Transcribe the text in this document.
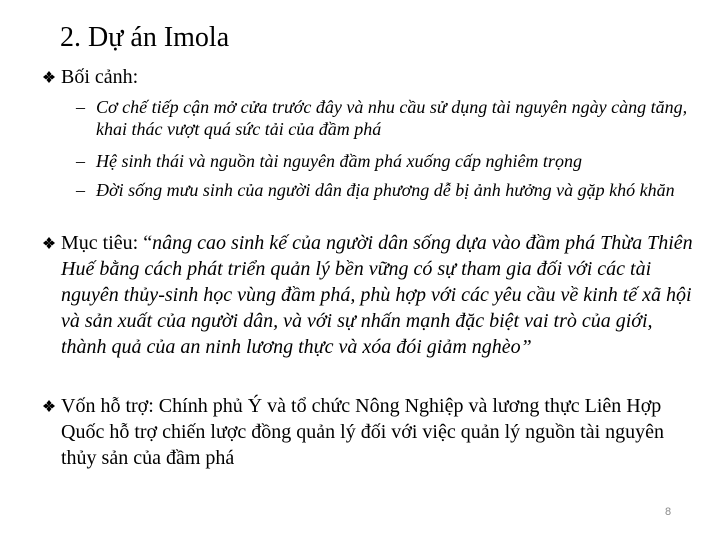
2. Dự án Imola
Bối cảnh:
– Cơ chế tiếp cận mở cửa trước đây và nhu cầu sử dụng tài nguyên ngày càng tăng, khai thác vượt quá sức tải của đầm phá
– Hệ sinh thái và nguồn tài nguyên đầm phá xuống cấp nghiêm trọng
– Đời sống mưu sinh của người dân địa phương dễ bị ảnh hưởng và gặp khó khăn
Mục tiêu: “nâng cao sinh kế của người dân sống dựa vào đầm phá Thừa Thiên Huế bằng cách phát triển quản lý bền vững có sự tham gia đối với các tài nguyên thủy-sinh học vùng đầm phá, phù hợp với các yêu cầu về kinh tế xã hội và sản xuất của người dân, và với sự nhấn mạnh đặc biệt vai trò của giới, thành quả của an ninh lương thực và xóa đói giảm nghèo”
Vốn hỗ trợ: Chính phủ Ý và tổ chức Nông Nghiệp và lương thực Liên Hợp Quốc hỗ trợ chiến lược đồng quản lý đối với việc quản lý nguồn tài nguyên thủy sản của đầm phá
8
